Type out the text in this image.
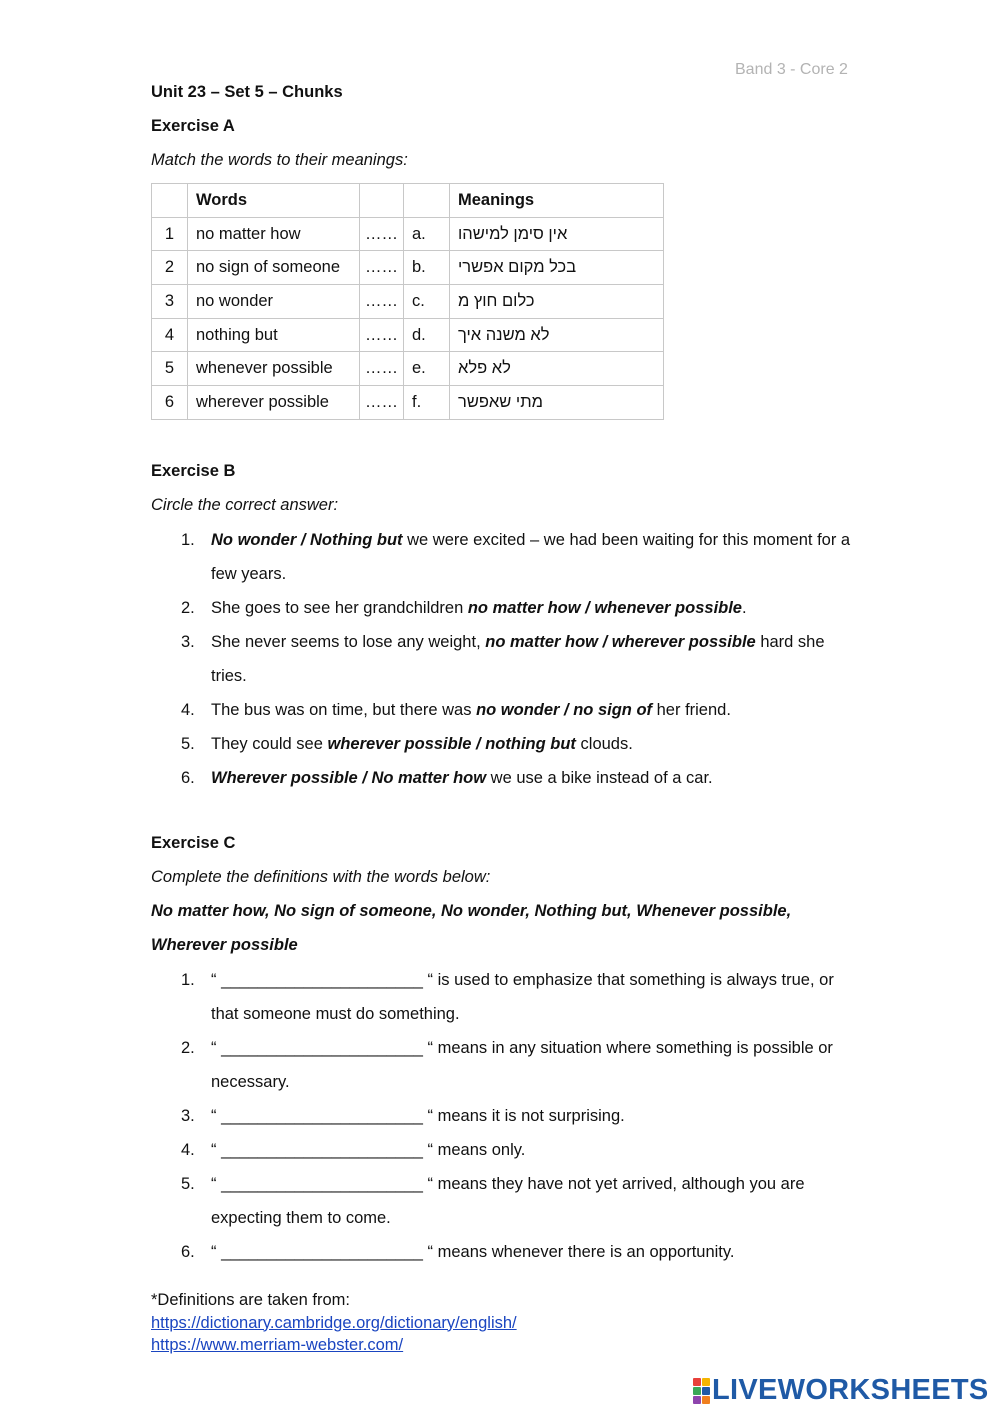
Band 3 - Core 2
Unit 23 – Set 5 – Chunks
Exercise A
Match the words to their meanings:
	Words			Meanings
1	no matter how	……	a.	אין סימן למישהו
2	no sign of someone	……	b.	בכל מקום אפשרי
3	no wonder	……	c.	כלום חוץ מ
4	nothing but	……	d.	לא משנה איך
5	whenever possible	……	e.	לא פלא
6	wherever possible	……	f.	מתי שאפשר
Exercise B
Circle the correct answer:
1. No wonder / Nothing but we were excited – we had been waiting for this moment for a few years.
2. She goes to see her grandchildren no matter how / whenever possible.
3. She never seems to lose any weight, no matter how / wherever possible hard she tries.
4. The bus was on time, but there was no wonder / no sign of her friend.
5. They could see wherever possible / nothing but clouds.
6. Wherever possible / No matter how we use a bike instead of a car.
Exercise C
Complete the definitions with the words below:
No matter how, No sign of someone, No wonder, Nothing but, Whenever possible,
Wherever possible
1. “ ______________________ “ is used to emphasize that something is always true, or that someone must do something.
2. “ ______________________ “ means in any situation where something is possible or necessary.
3. “ ______________________ “ means it is not surprising.
4. “ ______________________ “ means only.
5. “ ______________________ “ means they have not yet arrived, although you are expecting them to come.
6. “ ______________________ “ means whenever there is an opportunity.
*Definitions are taken from:
https://dictionary.cambridge.org/dictionary/english/
https://www.merriam-webster.com/
LIVEWORKSHEETS
